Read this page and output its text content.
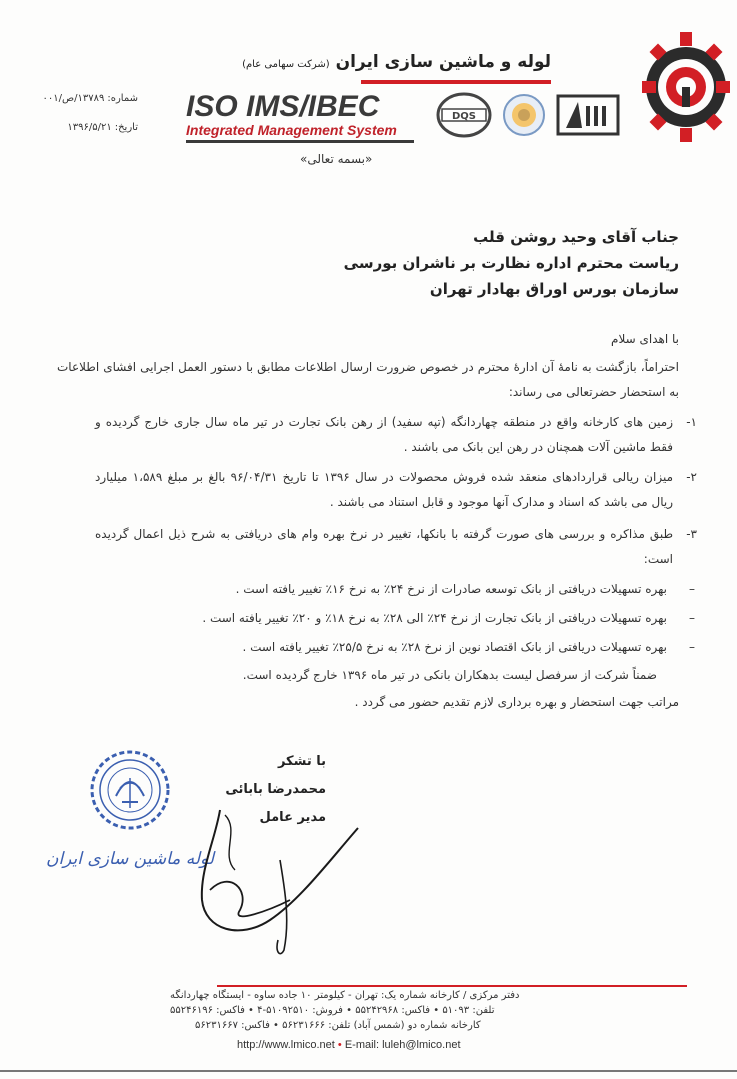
لوله و ماشین سازی ایران (شرکت سهامی عام)
DQS
ISO IMS/IBEC
Integrated Management System
شماره:
۱۳۷۸۹/ص/۰۰۱
تاریخ:
۱۳۹۶/۵/۲۱
«بسمه تعالی»
جناب آقای وحید روشن قلب
ریاست محترم اداره نظارت بر ناشران بورسی
سازمان بورس اوراق بهادار تهران
با اهدای سلام
احتراماً، بازگشت به نامۀ آن ادارۀ محترم در خصوص ضرورت ارسال اطلاعات مطابق با دستور العمل اجرایی افشای اطلاعات به استحضار حضرتعالی می رساند:
۱-
زمین های کارخانه واقع در منطقه چهاردانگه (تپه سفید) از رهن بانک تجارت در تیر ماه سال جاری خارج گردیده و فقط ماشین آلات همچنان در رهن این بانک می باشند .
۲-
میزان ریالی قراردادهای منعقد شده فروش محصولات در سال ۱۳۹۶ تا تاریخ ۹۶/۰۴/۳۱ بالغ بر مبلغ ۱،۵۸۹ میلیارد ریال می باشد که اسناد و مدارک آنها موجود و قابل استناد می باشند .
۳-
طبق مذاکره و بررسی های صورت گرفته با بانکها، تغییر در نرخ بهره وام های دریافتی به شرح ذیل اعمال گردیده است:
–
بهره تسهیلات دریافتی از بانک توسعه صادرات از نرخ ۲۴٪ به نرخ ۱۶٪ تغییر یافته است .
–
بهره تسهیلات دریافتی از بانک تجارت از نرخ ۲۴٪ الی ۲۸٪ به نرخ ۱۸٪ و ۲۰٪ تغییر یافته است .
–
بهره تسهیلات دریافتی از بانک اقتصاد نوین از نرخ ۲۸٪ به نرخ ۲۵/۵٪ تغییر یافته است .
ضمناً شرکت از سرفصل لیست بدهکاران بانکی در تیر ماه ۱۳۹۶ خارج گردیده است.
مراتب جهت استحضار و بهره برداری لازم تقدیم حضور می گردد .
با تشکر
محمدرضا بابائی
مدیر عامل
لوله ماشین سازی ایران
دفتر مرکزی / کارخانه شماره یک: تهران - کیلومتر ۱۰ جاده ساوه - ایستگاه چهاردانگه
تلفن: ۵۱۰۹۳ • فاکس: ۵۵۲۴۲۹۶۸ • فروش: ۵۱۰۹۲۵۱۰-۴ • فاکس: ۵۵۲۴۶۱۹۶
کارخانه شماره دو (شمس آباد) تلفن: ۵۶۲۳۱۶۶۶ • فاکس: ۵۶۲۳۱۶۶۷
http://www.lmico.net • E-mail: luleh@lmico.net
